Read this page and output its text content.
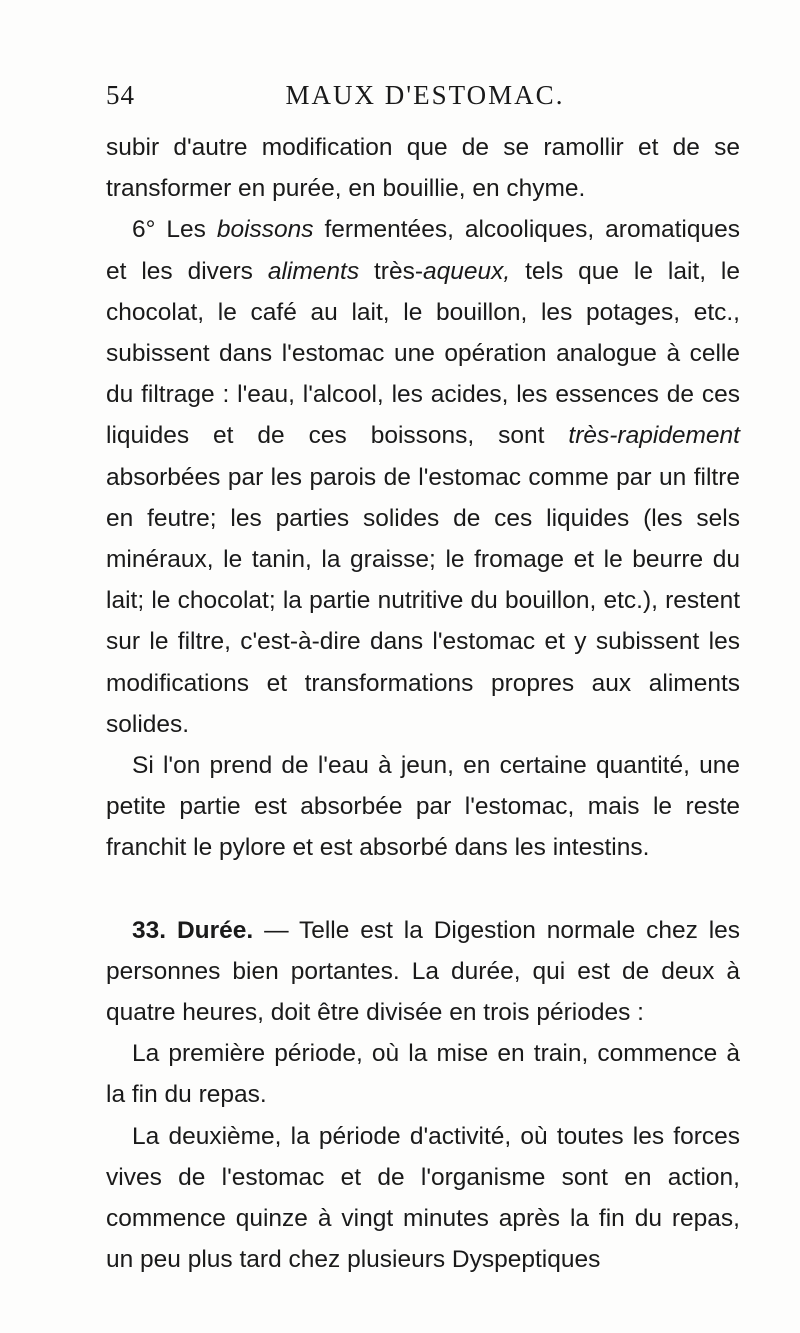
54	MAUX D'ESTOMAC.

subir d'autre modification que de se ramollir et de se transformer en purée, en bouillie, en chyme.

6° Les boissons fermentées, alcooliques, aromatiques et les divers aliments très-aqueux, tels que le lait, le chocolat, le café au lait, le bouillon, les potages, etc., subissent dans l'estomac une opération analogue à celle du filtrage : l'eau, l'alcool, les acides, les essences de ces liquides et de ces boissons, sont très-rapidement absorbées par les parois de l'estomac comme par un filtre en feutre; les parties solides de ces liquides (les sels minéraux, le tanin, la graisse; le fromage et le beurre du lait; le chocolat; la partie nutritive du bouillon, etc.), restent sur le filtre, c'est-à-dire dans l'estomac et y subissent les modifications et transformations propres aux aliments solides.

Si l'on prend de l'eau à jeun, en certaine quantité, une petite partie est absorbée par l'estomac, mais le reste franchit le pylore et est absorbé dans les intestins.

33. Durée. — Telle est la Digestion normale chez les personnes bien portantes. La durée, qui est de deux à quatre heures, doit être divisée en trois périodes :

La première période, où la mise en train, commence à la fin du repas.

La deuxième, la période d'activité, où toutes les forces vives de l'estomac et de l'organisme sont en action, commence quinze à vingt minutes après la fin du repas, un peu plus tard chez plusieurs Dyspeptiques
